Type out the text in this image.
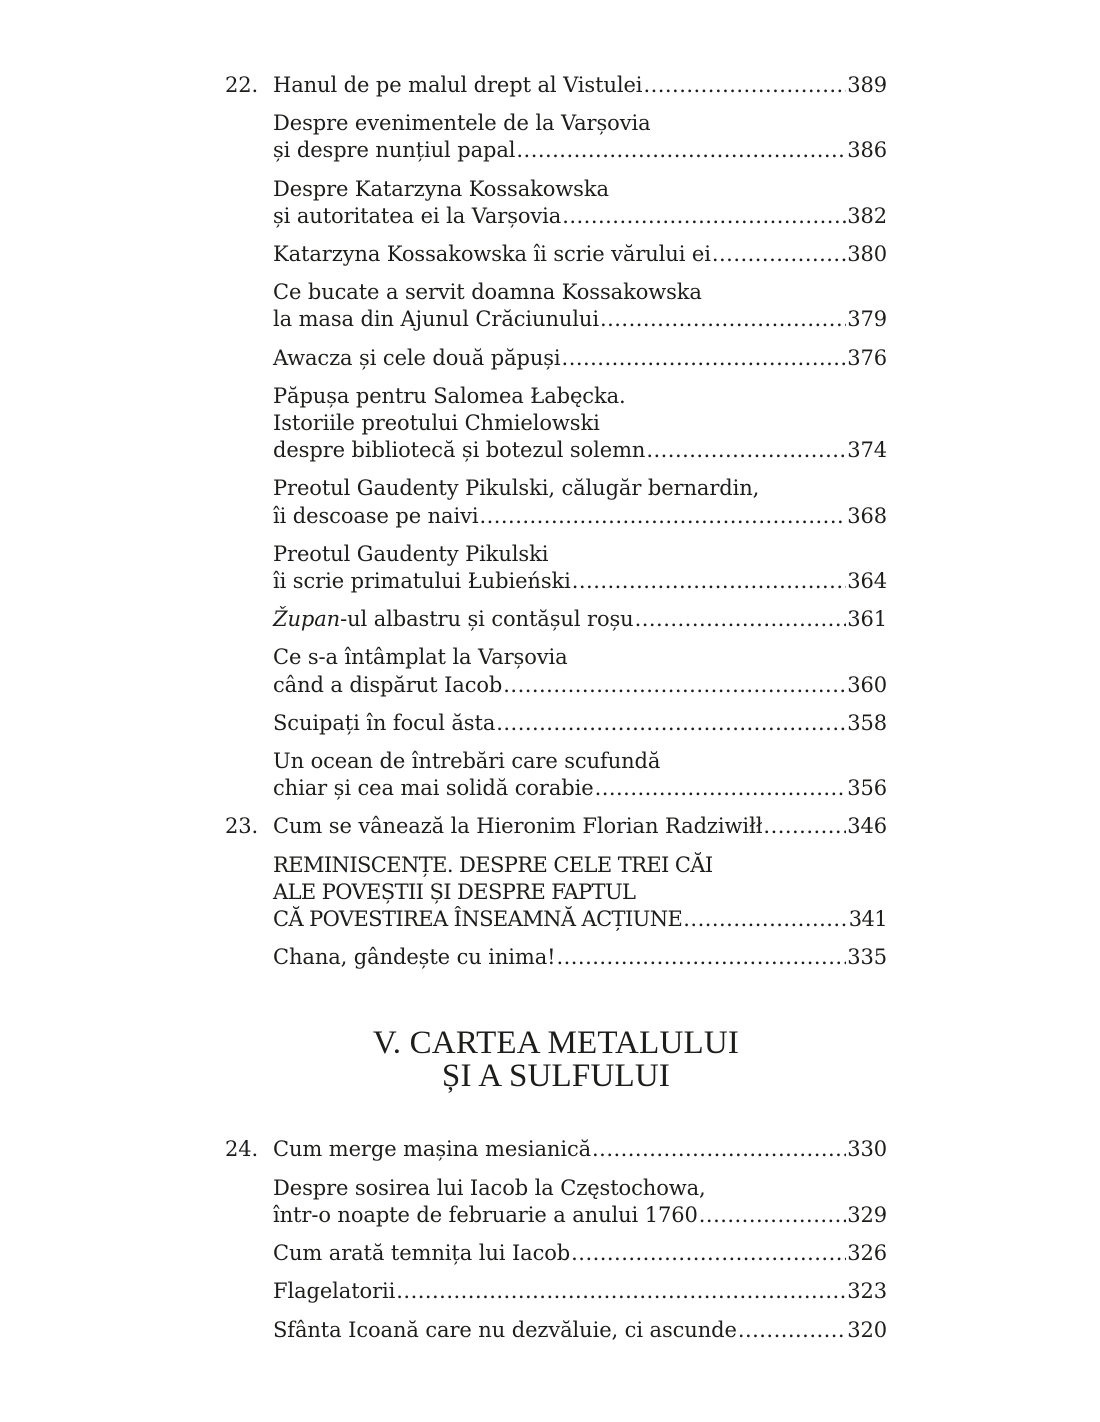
22. Hanul de pe malul drept al Vistulei . . .	389
Despre evenimentele de la Varșovia
și despre nunțiul papal . . .	386
Despre Katarzyna Kossakowska
și autoritatea ei la Varșovia . . .	382
Katarzyna Kossakowska îi scrie vărului ei . . .	380
Ce bucate a servit doamna Kossakowska
la masa din Ajunul Crăciunului . . .	379
Awacza și cele două păpuși . . .	376
Păpușa pentru Salomea Łabęcka.
Istoriile preotului Chmielowski
despre bibliotecă și botezul solemn . . .	374
Preotul Gaudenty Pikulski, călugăr bernardin,
îi descoase pe naivi . . .	368
Preotul Gaudenty Pikulski
îi scrie primatului Łubieński . . .	364
Župan-ul albastru și contășul roșu . . .	361
Ce s-a întâmplat la Varșovia
când a dispărut Iacob . . .	360
Scuipați în focul ăsta . . .	358
Un ocean de întrebări care scufundă
chiar și cea mai solidă corabie . . .	356
23. Cum se vânează la Hieronim Florian Radziwiłł . . .	346
REMINISCENȚE. DESPRE CELE TREI CĂI
ALE POVEȘTII ȘI DESPRE FAPTUL
CĂ POVESTIREA ÎNSEAMNĂ ACȚIUNE . . .	341
Chana, gândește cu inima! . . .	335
V. CARTEA METALULUI
ȘI A SULFULUI
24. Cum merge mașina mesianică . . .	330
Despre sosirea lui Iacob la Częstochowa,
într-o noapte de februarie a anului 1760 . . .	329
Cum arată temnița lui Iacob . . .	326
Flagelatorii . . .	323
Sfânta Icoană care nu dezvăluie, ci ascunde . . .	320
